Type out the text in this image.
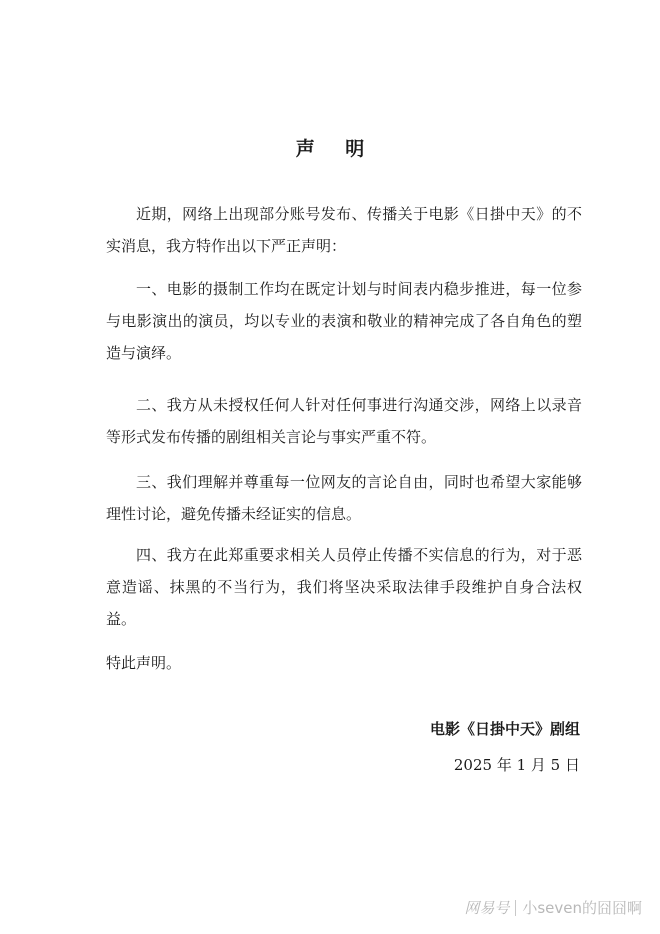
声 明

近期，网络上出现部分账号发布、传播关于电影《日掛中天》的不实消息，我方特作出以下严正声明：

一、电影的摄制工作均在既定计划与时间表内稳步推进，每一位参与电影演出的演员，均以专业的表演和敬业的精神完成了各自角色的塑造与演绎。

二、我方从未授权任何人针对任何事进行沟通交涉，网络上以录音等形式发布传播的剧组相关言论与事实严重不符。

三、我们理解并尊重每一位网友的言论自由，同时也希望大家能够理性讨论，避免传播未经证实的信息。

四、我方在此郑重要求相关人员停止传播不实信息的行为，对于恶意造谣、抹黑的不当行为，我们将坚决采取法律手段维护自身合法权益。

特此声明。

电影《日掛中天》剧组

2025 年 1 月 5 日

网易号 小seven的囧囧啊
